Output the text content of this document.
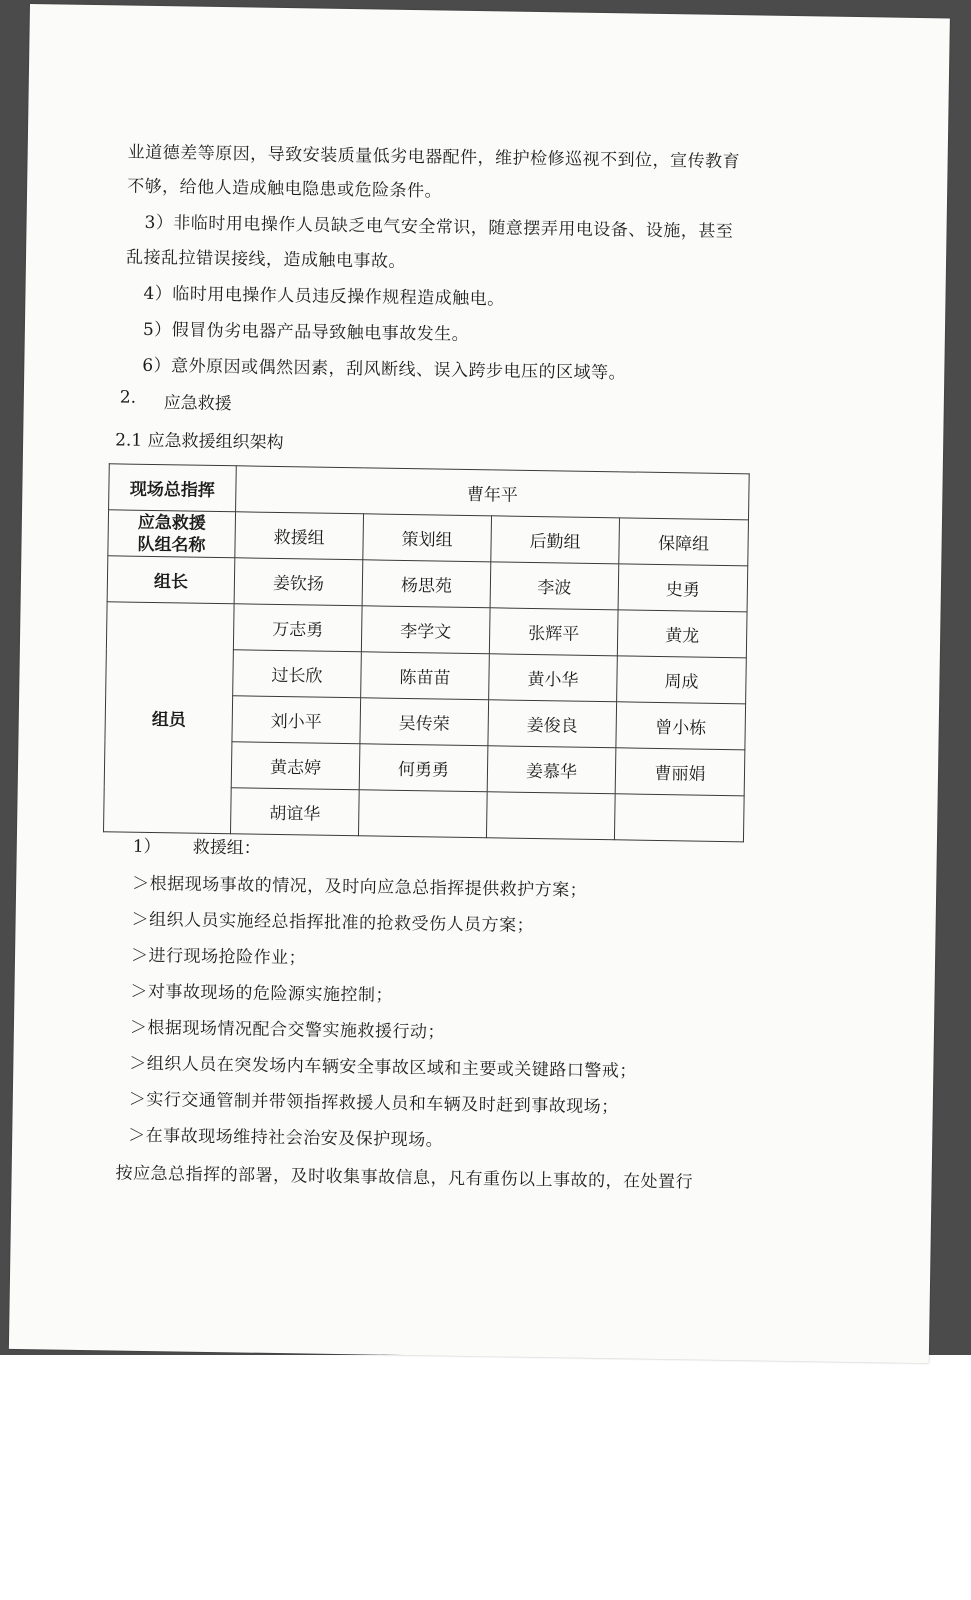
业道德差等原因，导致安装质量低劣电器配件，维护检修巡视不到位，宣传教育
不够，给他人造成触电隐患或危险条件。
3）非临时用电操作人员缺乏电气安全常识，随意摆弄用电设备、设施，甚至
乱接乱拉错误接线，造成触电事故。
4）临时用电操作人员违反操作规程造成触电。
5）假冒伪劣电器产品导致触电事故发生。
6）意外原因或偶然因素，刮风断线、误入跨步电压的区域等。
2. 应急救援
2.1 应急救援组织架构
现场总指挥	曹年平			

应急救援
队组名称	救援组	策划组	后勤组	保障组
组长	姜钦扬	杨思苑	李波	史勇
组员	万志勇	李学文	张辉平	黄龙
	过长欣	陈苗苗	黄小华	周成
	刘小平	吴传荣	姜俊良	曾小栋
	黄志婷	何勇勇	姜慕华	曹丽娟
	胡谊华			
1） 救援组：
＞根据现场事故的情况，及时向应急总指挥提供救护方案；
＞组织人员实施经总指挥批准的抢救受伤人员方案；
＞进行现场抢险作业；
＞对事故现场的危险源实施控制；
＞根据现场情况配合交警实施救援行动；
＞组织人员在突发场内车辆安全事故区域和主要或关键路口警戒；
＞实行交通管制并带领指挥救援人员和车辆及时赶到事故现场；
＞在事故现场维持社会治安及保护现场。
按应急总指挥的部署，及时收集事故信息，凡有重伤以上事故的，在处置行
